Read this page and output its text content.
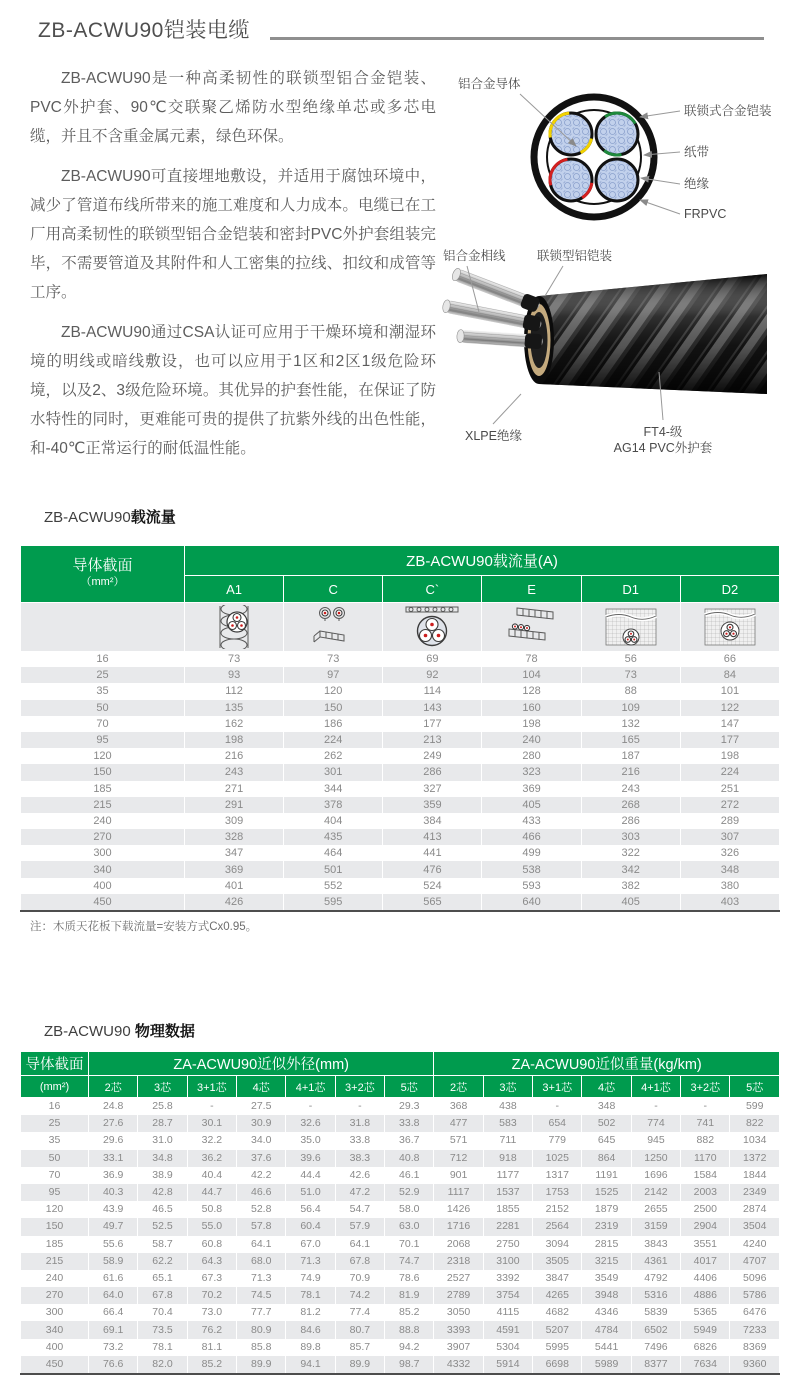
ZB-ACWU90铠装电缆

ZB-ACWU90是一种高柔韧性的联锁型铝合金铠装、PVC外护套、90℃交联聚乙烯防水型绝缘单芯或多芯电缆，并且不含重金属元素，绿色环保。

ZB-ACWU90可直接埋地敷设，并适用于腐蚀环境中，减少了管道布线所带来的施工难度和人力成本。电缆已在工厂用高柔韧性的联锁型铝合金铠装和密封PVC外护套组装完毕，不需要管道及其附件和人工密集的拉线、扣纹和成管等工序。

ZB-ACWU90通过CSA认证可应用于干燥环境和潮湿环境的明线或暗线敷设，也可以应用于1区和2区1级危险环境，以及2、3级危险环境。其优异的护套性能，在保证了防水特性的同时，更难能可贵的提供了抗紫外线的出色性能，和-40℃正常运行的耐低温性能。

铝合金导体
联锁式合金铠装
纸带
绝缘
FRPVC
铝合金相线	联锁型铝铠装
XLPE绝缘	FT4-级
AG14 PVC外护套
ZB-ACWU90载流量
导体截面
（mm²）	ZB-ACWU90载流量(A)					
	A1	C	C`	E	D1	D2

16	73	73	69	78	56	66
25	93	97	92	104	73	84
35	112	120	114	128	88	101
50	135	150	143	160	109	122
70	162	186	177	198	132	147
95	198	224	213	240	165	177
120	216	262	249	280	187	198
150	243	301	286	323	216	224
185	271	344	327	369	243	251
215	291	378	359	405	268	272
240	309	404	384	433	286	289
270	328	435	413	466	303	307
300	347	464	441	499	322	326
340	369	501	476	538	342	348
400	401	552	524	593	382	380
450	426	595	565	640	405	403

注：木质天花板下载流量=安装方式Cx0.95。

ZB-ACWU90 物理数据
导体截面	ZA-ACWU90近似外径(mm)							ZA-ACWU90近似重量(kg/km)						
(mm²)	2芯	3芯	3+1芯	4芯	4+1芯	3+2芯	5芯	2芯	3芯	3+1芯	4芯	4+1芯	3+2芯	5芯
16	24.8	25.8	-	27.5	-	-	29.3	368	438	-	348	-	-	599
25	27.6	28.7	30.1	30.9	32.6	31.8	33.8	477	583	654	502	774	741	822
35	29.6	31.0	32.2	34.0	35.0	33.8	36.7	571	711	779	645	945	882	1034
50	33.1	34.8	36.2	37.6	39.6	38.3	40.8	712	918	1025	864	1250	1170	1372
70	36.9	38.9	40.4	42.2	44.4	42.6	46.1	901	1177	1317	1191	1696	1584	1844
95	40.3	42.8	44.7	46.6	51.0	47.2	52.9	1117	1537	1753	1525	2142	2003	2349
120	43.9	46.5	50.8	52.8	56.4	54.7	58.0	1426	1855	2152	1879	2655	2500	2874
150	49.7	52.5	55.0	57.8	60.4	57.9	63.0	1716	2281	2564	2319	3159	2904	3504
185	55.6	58.7	60.8	64.1	67.0	64.1	70.1	2068	2750	3094	2815	3843	3551	4240
215	58.9	62.2	64.3	68.0	71.3	67.8	74.7	2318	3100	3505	3215	4361	4017	4707
240	61.6	65.1	67.3	71.3	74.9	70.9	78.6	2527	3392	3847	3549	4792	4406	5096
270	64.0	67.8	70.2	74.5	78.1	74.2	81.9	2789	3754	4265	3948	5316	4886	5786
300	66.4	70.4	73.0	77.7	81.2	77.4	85.2	3050	4115	4682	4346	5839	5365	6476
340	69.1	73.5	76.2	80.9	84.6	80.7	88.8	3393	4591	5207	4784	6502	5949	7233
400	73.2	78.1	81.1	85.8	89.8	85.7	94.2	3907	5304	5995	5441	7496	6826	8369
450	76.6	82.0	85.2	89.9	94.1	89.9	98.7	4332	5914	6698	5989	8377	7634	9360
